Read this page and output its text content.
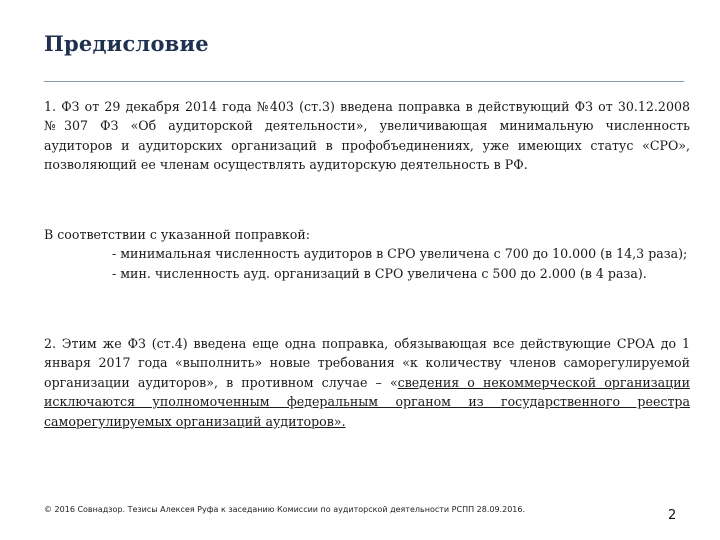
Предисловие
1. ФЗ от 29 декабря 2014 года №403 (ст.3) введена поправка в действующий ФЗ от 30.12.2008 №307 ФЗ «Об аудиторской деятельности», увеличивающая минимальную численность аудиторов и аудиторских организаций в профобъединениях, уже имеющих статус «СРО», позволяющий ее членам осуществлять аудиторскую деятельность в РФ.
В соответствии с указанной поправкой:
- минимальная численность аудиторов в СРО увеличена с 700 до 10.000 (в 14,3 раза);
- мин. численность ауд. организаций в СРО увеличена с 500 до 2.000 (в 4 раза).
2. Этим же ФЗ (ст.4) введена еще одна поправка, обязывающая все действующие СРОА до 1 января 2017 года «выполнить» новые требования «к количеству членов саморегулируемой организации аудиторов», в противном случае – «сведения о некоммерческой организации исключаются уполномоченным федеральным органом из государственного реестра саморегулируемых организаций аудиторов».
© 2016 Совнадзор. Тезисы Алексея Руфа к заседанию Комиссии по аудиторской деятельности РСПП 28.09.2016.	2
